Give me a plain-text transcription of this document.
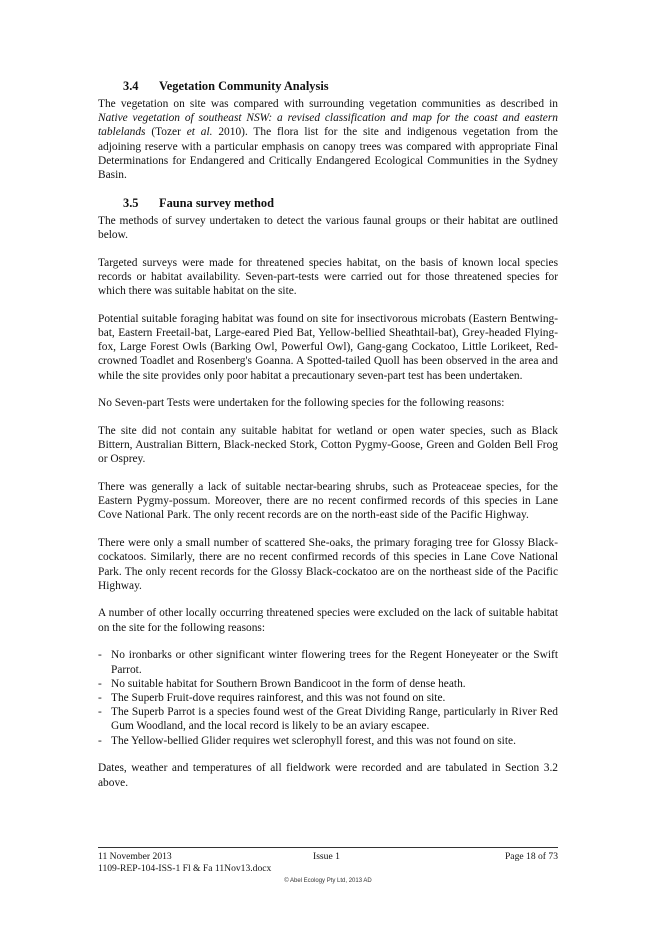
3.4 Vegetation Community Analysis

The vegetation on site was compared with surrounding vegetation communities as described in Native vegetation of southeast NSW: a revised classification and map for the coast and eastern tablelands (Tozer et al. 2010). The flora list for the site and indigenous vegetation from the adjoining reserve with a particular emphasis on canopy trees was compared with appropriate Final Determinations for Endangered and Critically Endangered Ecological Communities in the Sydney Basin.

3.5 Fauna survey method

The methods of survey undertaken to detect the various faunal groups or their habitat are outlined below.

Targeted surveys were made for threatened species habitat, on the basis of known local species records or habitat availability. Seven-part-tests were carried out for those threatened species for which there was suitable habitat on the site.

Potential suitable foraging habitat was found on site for insectivorous microbats (Eastern Bentwing-bat, Eastern Freetail-bat, Large-eared Pied Bat, Yellow-bellied Sheathtail-bat), Grey-headed Flying-fox, Large Forest Owls (Barking Owl, Powerful Owl), Gang-gang Cockatoo, Little Lorikeet, Red-crowned Toadlet and Rosenberg's Goanna. A Spotted-tailed Quoll has been observed in the area and while the site provides only poor habitat a precautionary seven-part test has been undertaken.

No Seven-part Tests were undertaken for the following species for the following reasons:

The site did not contain any suitable habitat for wetland or open water species, such as Black Bittern, Australian Bittern, Black-necked Stork, Cotton Pygmy-Goose, Green and Golden Bell Frog or Osprey.

There was generally a lack of suitable nectar-bearing shrubs, such as Proteaceae species, for the Eastern Pygmy-possum. Moreover, there are no recent confirmed records of this species in Lane Cove National Park. The only recent records are on the north-east side of the Pacific Highway.

There were only a small number of scattered She-oaks, the primary foraging tree for Glossy Black-cockatoos. Similarly, there are no recent confirmed records of this species in Lane Cove National Park. The only recent records for the Glossy Black-cockatoo are on the northeast side of the Pacific Highway.

A number of other locally occurring threatened species were excluded on the lack of suitable habitat on the site for the following reasons:

- No ironbarks or other significant winter flowering trees for the Regent Honeyeater or the Swift Parrot.
- No suitable habitat for Southern Brown Bandicoot in the form of dense heath.
- The Superb Fruit-dove requires rainforest, and this was not found on site.
- The Superb Parrot is a species found west of the Great Dividing Range, particularly in River Red Gum Woodland, and the local record is likely to be an aviary escapee.
- The Yellow-bellied Glider requires wet sclerophyll forest, and this was not found on site.

Dates, weather and temperatures of all fieldwork were recorded and are tabulated in Section 3.2 above.

11 November 2013	Issue 1	Page 18 of 73
1109-REP-104-ISS-1 Fl & Fa 11Nov13.docx
© Abel Ecology Pty Ltd, 2013 AD
